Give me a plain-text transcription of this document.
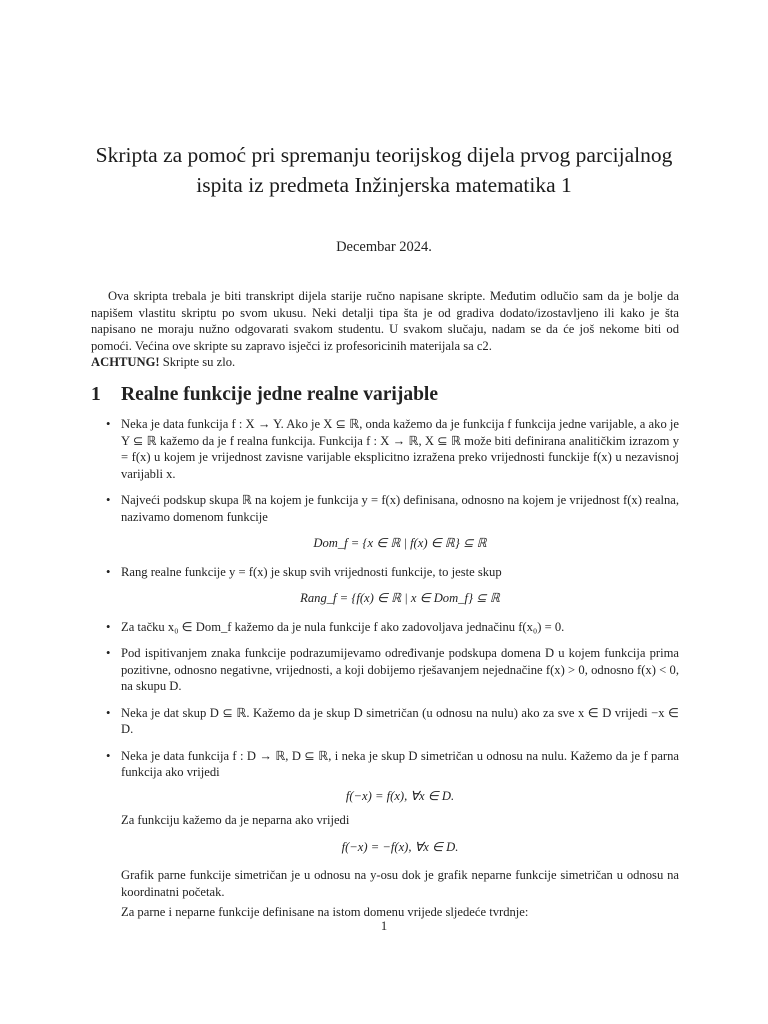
Skripta za pomoć pri spremanju teorijskog dijela prvog parcijalnog
ispita iz predmeta Inžinjerska matematika 1
Decembar 2024.

Ova skripta trebala je biti transkript dijela starije ručno napisane skripte. Međutim odlučio sam da je bolje da napišem vlastitu skriptu po svom ukusu. Neki detalji tipa šta je od gradiva dodato/izostavljeno ili kako je šta napisano ne moraju nužno odgovarati svakom studentu. U svakom slučaju, nadam se da će još nekome biti od pomoći. Većina ove skripte su zapravo isječci iz profesoricinih materijala sa c2.

ACHTUNG! Skripte su zlo.

1 Realne funkcije jedne realne varijable
• Neka je data funkcija f : X → Y. Ako je X ⊆ ℝ, onda kažemo da je funkcija f funkcija jedne varijable, a ako je Y ⊆ ℝ kažemo da je f realna funkcija. Funkcija f : X → ℝ, X ⊆ ℝ može biti definirana analitičkim izrazom y = f(x) u kojem je vrijednost zavisne varijable eksplicitno izražena preko vrijednosti funckije f(x) u nezavisnoj varijabli x.

• Najveći podskup skupa ℝ na kojem je funkcija y = f(x) definisana, odnosno na kojem je vrijednost f(x) realna, nazivamo domenom funkcije

Dom_f = {x ∈ ℝ | f(x) ∈ ℝ} ⊆ ℝ
• Rang realne funkcije y = f(x) je skup svih vrijednosti funkcije, to jeste skup

Rang_f = {f(x) ∈ ℝ | x ∈ Dom_f} ⊆ ℝ
• Za tačku x₀ ∈ Dom_f kažemo da je nula funkcije f ako zadovoljava jednačinu f(x₀) = 0.

• Pod ispitivanjem znaka funkcije podrazumijevamo određivanje podskupa domena D u kojem funkcija prima pozitivne, odnosno negativne, vrijednosti, a koji dobijemo rješavanjem nejednačine f(x) > 0, odnosno f(x) < 0, na skupu D.

• Neka je dat skup D ⊆ ℝ. Kažemo da je skup D simetričan (u odnosu na nulu) ako za sve x ∈ D vrijedi −x ∈ D.

• Neka je data funkcija f : D → ℝ, D ⊆ ℝ, i neka je skup D simetričan u odnosu na nulu. Kažemo da je f parna funkcija ako vrijedi

f(−x) = f(x), ∀x ∈ D.

Za funkciju kažemo da je neparna ako vrijedi

f(−x) = −f(x), ∀x ∈ D.

Grafik parne funkcije simetričan je u odnosu na y-osu dok je grafik neparne funkcije simetričan u odnosu na koordinatni početak.

Za parne i neparne funkcije definisane na istom domenu vrijede sljedeće tvrdnje:

1
